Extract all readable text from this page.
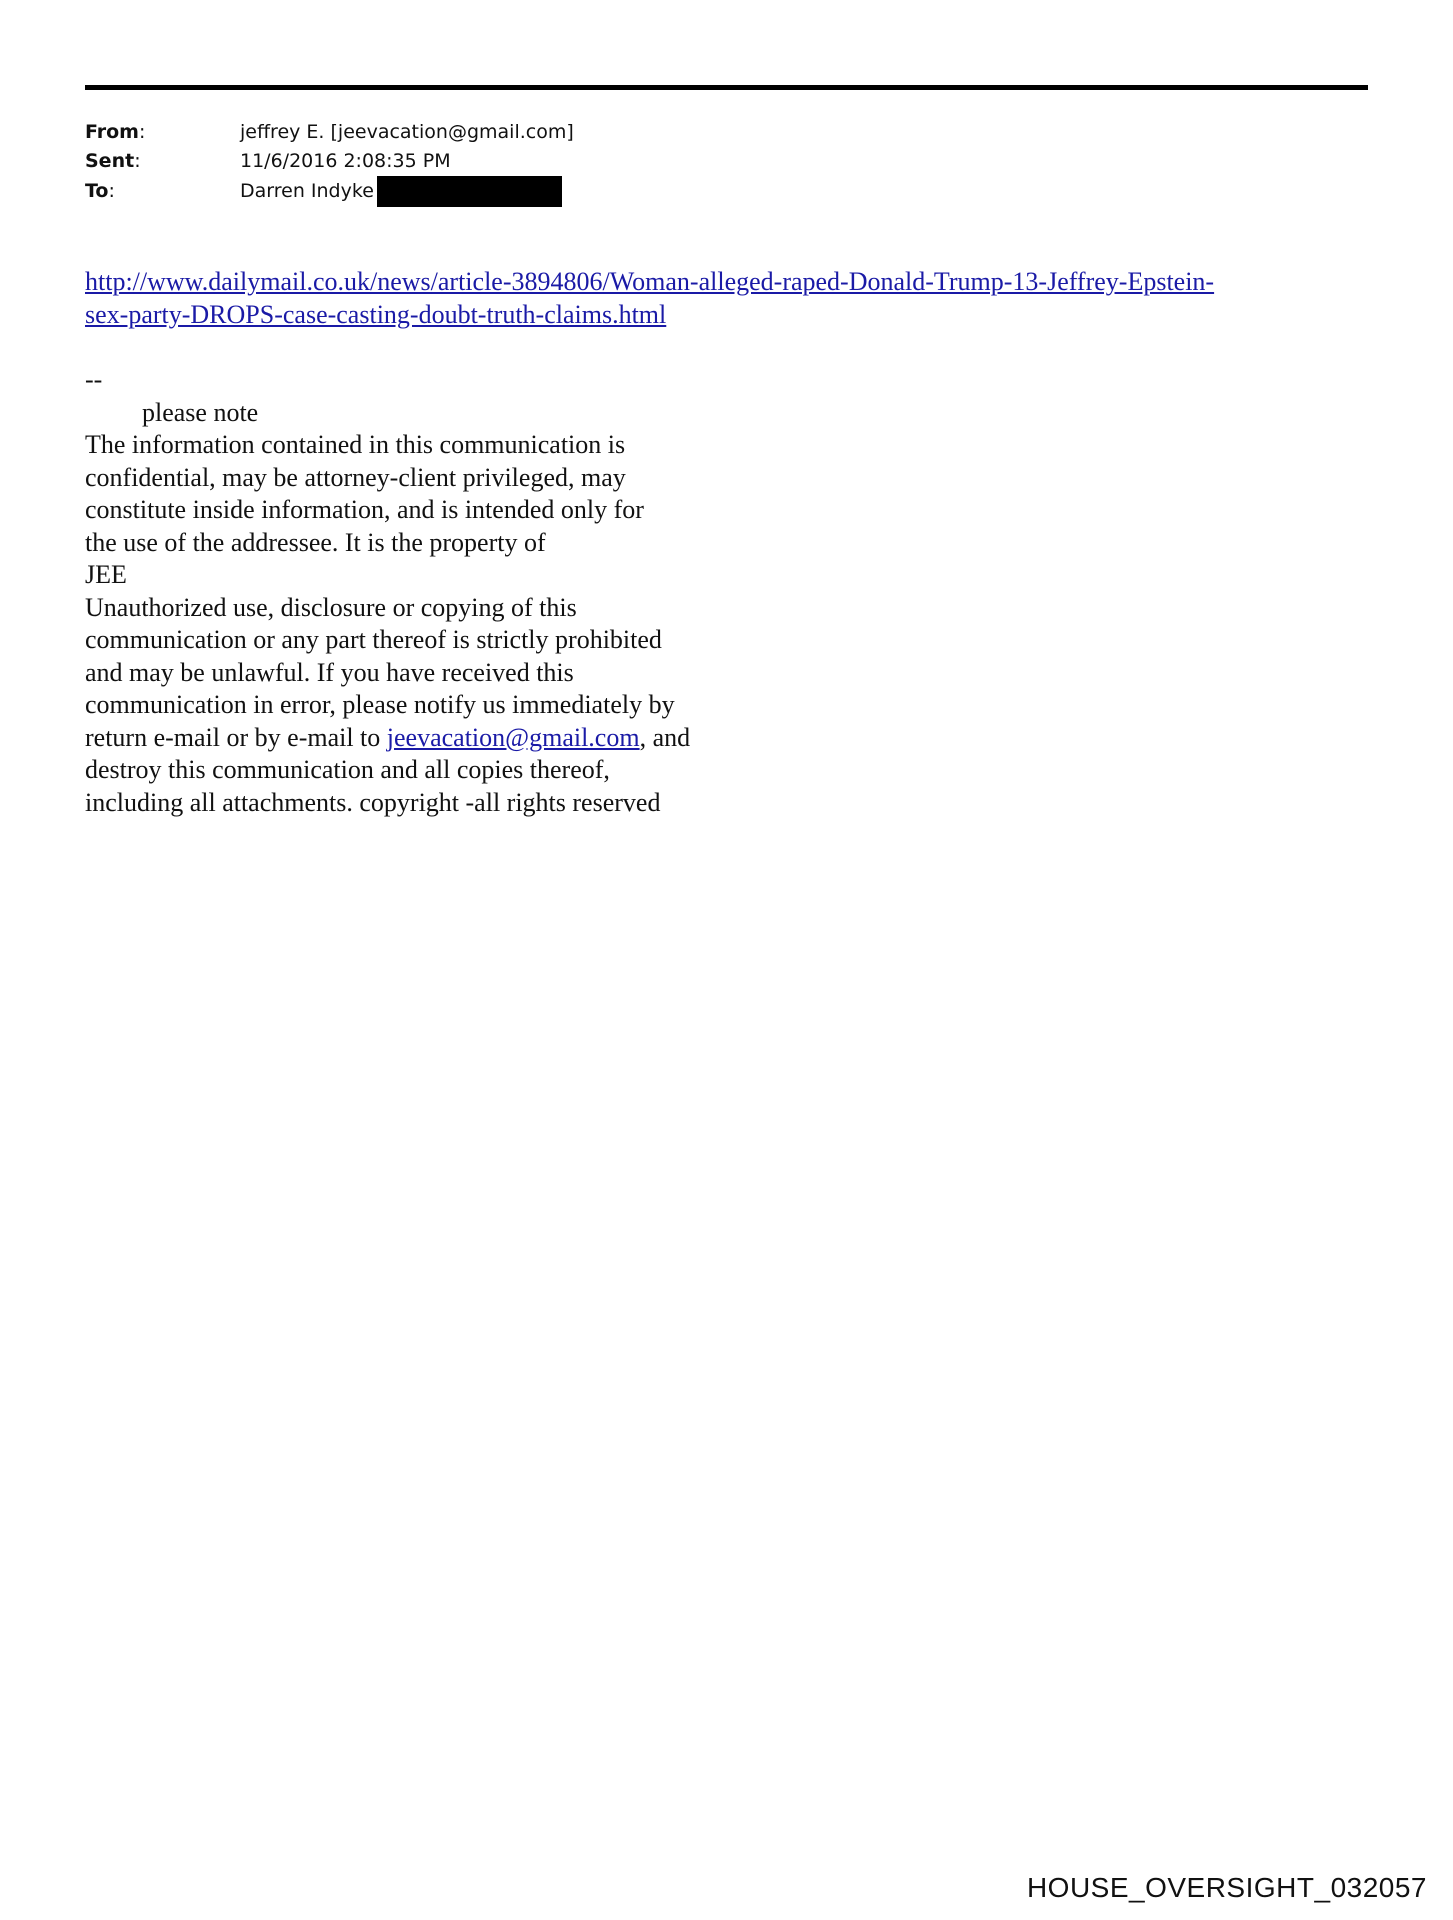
From:	jeffrey E. [jeevacation@gmail.com]
Sent:	11/6/2016 2:08:35 PM
To:	Darren Indyke
http://www.dailymail.co.uk/news/article-3894806/Woman-alleged-raped-Donald-Trump-13-Jeffrey-Epstein-
sex-party-DROPS-case-casting-doubt-truth-claims.html
--
please note
The information contained in this communication is
confidential, may be attorney-client privileged, may
constitute inside information, and is intended only for
the use of the addressee. It is the property of
JEE
Unauthorized use, disclosure or copying of this
communication or any part thereof is strictly prohibited
and may be unlawful. If you have received this
communication in error, please notify us immediately by
return e-mail or by e-mail to jeevacation@gmail.com, and
destroy this communication and all copies thereof,
including all attachments. copyright -all rights reserved
HOUSE_OVERSIGHT_032057
